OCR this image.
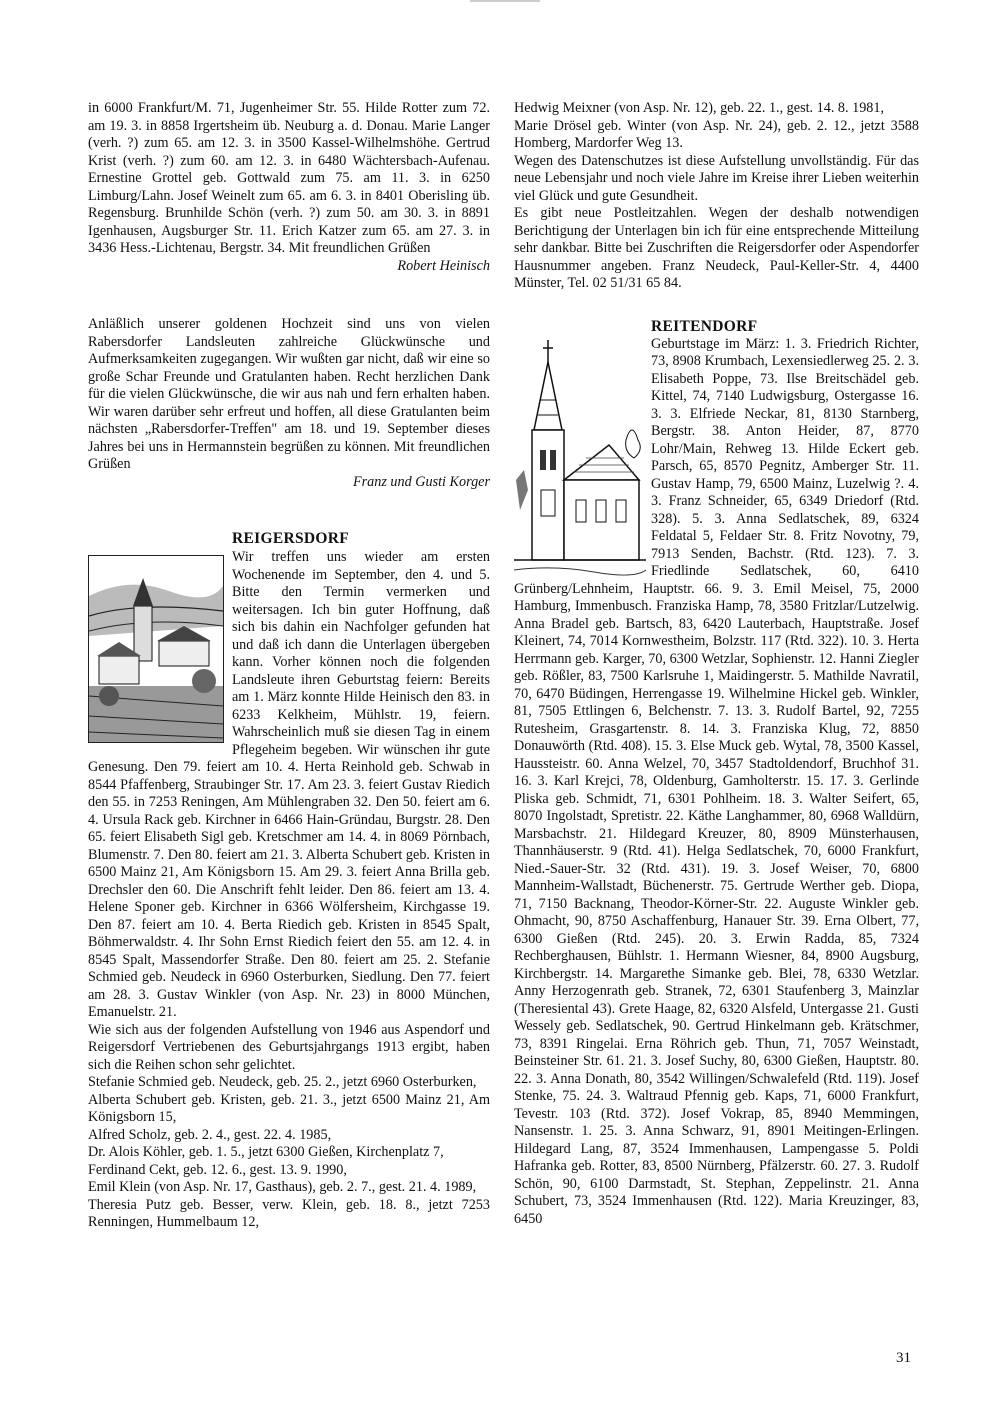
in 6000 Frankfurt/M. 71, Jugenheimer Str. 55. Hilde Rotter zum 72. am 19. 3. in 8858 Irgertsheim üb. Neuburg a. d. Donau. Marie Langer (verh. ?) zum 65. am 12. 3. in 3500 Kassel-Wilhelmshöhe. Gertrud Krist (verh. ?) zum 60. am 12. 3. in 6480 Wächtersbach-Aufenau. Ernestine Grottel geb. Gottwald zum 75. am 11. 3. in 6250 Limburg/Lahn. Josef Weinelt zum 65. am 6. 3. in 8401 Oberisling üb. Regensburg. Brunhilde Schön (verh. ?) zum 50. am 30. 3. in 8891 Igenhausen, Augsburger Str. 11. Erich Katzer zum 65. am 27. 3. in 3436 Hess.-Lichtenau, Bergstr. 34. Mit freundlichen Grüßen

Robert Heinisch

Anläßlich unserer goldenen Hochzeit sind uns von vielen Rabersdorfer Landsleuten zahlreiche Glückwünsche und Aufmerksamkeiten zugegangen. Wir wußten gar nicht, daß wir eine so große Schar Freunde und Gratulanten haben. Recht herzlichen Dank für die vielen Glückwünsche, die wir aus nah und fern erhalten haben. Wir waren darüber sehr erfreut und hoffen, all diese Gratulanten beim nächsten „Rabersdorfer-Treffen" am 18. und 19. September dieses Jahres bei uns in Hermannstein begrüßen zu können. Mit freundlichen Grüßen

Franz und Gusti Korger

REIGERSDORF

Wir treffen uns wieder am ersten Wochenende im September, den 4. und 5. Bitte den Termin vermerken und weitersagen. Ich bin guter Hoffnung, daß sich bis dahin ein Nachfolger gefunden hat und daß ich dann die Unterlagen übergeben kann. Vorher können noch die folgenden Landsleute ihren Geburtstag feiern: Bereits am 1. März konnte Hilde Heinisch den 83. in 6233 Kelkheim, Mühlstr. 19, feiern. Wahrscheinlich muß sie diesen Tag in einem Pflegeheim begeben. Wir wünschen ihr gute Genesung. Den 79. feiert am 10. 4. Herta Reinhold geb. Schwab in 8544 Pfaffenberg, Straubinger Str. 17. Am 23. 3. feiert Gustav Riedich den 55. in 7253 Reningen, Am Mühlengraben 32. Den 50. feiert am 6. 4. Ursula Rack geb. Kirchner in 6466 Hain-Gründau, Burgstr. 28. Den 65. feiert Elisabeth Sigl geb. Kretschmer am 14. 4. in 8069 Pörnbach, Blumenstr. 7. Den 80. feiert am 21. 3. Alberta Schubert geb. Kristen in 6500 Mainz 21, Am Königsborn 15. Am 29. 3. feiert Anna Brilla geb. Drechsler den 60. Die Anschrift fehlt leider. Den 86. feiert am 13. 4. Helene Sponer geb. Kirchner in 6366 Wölfersheim, Kirchgasse 19. Den 87. feiert am 10. 4. Berta Riedich geb. Kristen in 8545 Spalt, Böhmerwaldstr. 4. Ihr Sohn Ernst Riedich feiert den 55. am 12. 4. in 8545 Spalt, Massendorfer Straße. Den 80. feiert am 25. 2. Stefanie Schmied geb. Neudeck in 6960 Osterburken, Siedlung. Den 77. feiert am 28. 3. Gustav Winkler (von Asp. Nr. 23) in 8000 München, Emanuelstr. 21.

Wie sich aus der folgenden Aufstellung von 1946 aus Aspendorf und Reigersdorf Vertriebenen des Geburtsjahrgangs 1913 ergibt, haben sich die Reihen schon sehr gelichtet.

Stefanie Schmied geb. Neudeck, geb. 25. 2., jetzt 6960 Osterburken,

Alberta Schubert geb. Kristen, geb. 21. 3., jetzt 6500 Mainz 21, Am Königsborn 15,

Alfred Scholz, geb. 2. 4., gest. 22. 4. 1985,

Dr. Alois Köhler, geb. 1. 5., jetzt 6300 Gießen, Kirchenplatz 7,

Ferdinand Cekt, geb. 12. 6., gest. 13. 9. 1990,

Emil Klein (von Asp. Nr. 17, Gasthaus), geb. 2. 7., gest. 21. 4. 1989,

Theresia Putz geb. Besser, verw. Klein, geb. 18. 8., jetzt 7253 Renningen, Hummelbaum 12,

Hedwig Meixner (von Asp. Nr. 12), geb. 22. 1., gest. 14. 8. 1981,

Marie Drösel geb. Winter (von Asp. Nr. 24), geb. 2. 12., jetzt 3588 Homberg, Mardorfer Weg 13.

Wegen des Datenschutzes ist diese Aufstellung unvollständig. Für das neue Lebensjahr und noch viele Jahre im Kreise ihrer Lieben weiterhin viel Glück und gute Gesundheit.

Es gibt neue Postleitzahlen. Wegen der deshalb notwendigen Berichtigung der Unterlagen bin ich für eine entsprechende Mitteilung sehr dankbar. Bitte bei Zuschriften die Reigersdorfer oder Aspendorfer Hausnummer angeben. Franz Neudeck, Paul-Keller-Str. 4, 4400 Münster, Tel. 02 51/31 65 84.

REITENDORF

Geburtstage im März: 1. 3. Friedrich Richter, 73, 8908 Krumbach, Lexensiedlerweg 25. 2. 3. Elisabeth Poppe, 73. Ilse Breitschädel geb. Kittel, 74, 7140 Ludwigsburg, Ostergasse 16. 3. 3. Elfriede Neckar, 81, 8130 Starnberg, Bergstr. 38. Anton Heider, 87, 8770 Lohr/Main, Rehweg 13. Hilde Eckert geb. Parsch, 65, 8570 Pegnitz, Amberger Str. 11. Gustav Hamp, 79, 6500 Mainz, Luzelwig ?. 4. 3. Franz Schneider, 65, 6349 Driedorf (Rtd. 328). 5. 3. Anna Sedlatschek, 89, 6324 Feldatal 5, Feldaer Str. 8. Fritz Novotny, 79, 7913 Senden, Bachstr. (Rtd. 123). 7. 3. Friedlinde Sedlatschek, 60, 6410 Grünberg/Lehnheim, Hauptstr. 66. 9. 3. Emil Meisel, 75, 2000 Hamburg, Immenbusch. Franziska Hamp, 78, 3580 Fritzlar/Lutzelwig. Anna Bradel geb. Bartsch, 83, 6420 Lauterbach, Hauptstraße. Josef Kleinert, 74, 7014 Kornwestheim, Bolzstr. 117 (Rtd. 322). 10. 3. Herta Herrmann geb. Karger, 70, 6300 Wetzlar, Sophienstr. 12. Hanni Ziegler geb. Rößler, 83, 7500 Karlsruhe 1, Maidingerstr. 5. Mathilde Navratil, 70, 6470 Büdingen, Herrengasse 19. Wilhelmine Hickel geb. Winkler, 81, 7505 Ettlingen 6, Belchenstr. 7. 13. 3. Rudolf Bartel, 92, 7255 Rutesheim, Grasgartenstr. 8. 14. 3. Franziska Klug, 72, 8850 Donauwörth (Rtd. 408). 15. 3. Else Muck geb. Wytal, 78, 3500 Kassel, Haussteistr. 60. Anna Welzel, 70, 3457 Stadtoldendorf, Bruchhof 31. 16. 3. Karl Krejci, 78, Oldenburg, Gamholterstr. 15. 17. 3. Gerlinde Pliska geb. Schmidt, 71, 6301 Pohlheim. 18. 3. Walter Seifert, 65, 8070 Ingolstadt, Spretistr. 22. Käthe Langhammer, 80, 6968 Walldürn, Marsbachstr. 21. Hildegard Kreuzer, 80, 8909 Münsterhausen, Thannhäuserstr. 9 (Rtd. 41). Helga Sedlatschek, 70, 6000 Frankfurt, Nied.-Sauer-Str. 32 (Rtd. 431). 19. 3. Josef Weiser, 70, 6800 Mannheim-Wallstadt, Büchenerstr. 75. Gertrude Werther geb. Diopa, 71, 7150 Backnang, Theodor-Körner-Str. 22. Auguste Winkler geb. Ohmacht, 90, 8750 Aschaffenburg, Hanauer Str. 39. Erna Olbert, 77, 6300 Gießen (Rtd. 245). 20. 3. Erwin Radda, 85, 7324 Rechberghausen, Bühlstr. 1. Hermann Wiesner, 84, 8900 Augsburg, Kirchbergstr. 14. Margarethe Simanke geb. Blei, 78, 6330 Wetzlar. Anny Herzogenrath geb. Stranek, 72, 6301 Staufenberg 3, Mainzlar (Theresiental 43). Grete Haage, 82, 6320 Alsfeld, Untergasse 21. Gusti Wessely geb. Sedlatschek, 90. Gertrud Hinkelmann geb. Krätschmer, 73, 8391 Ringelai. Erna Röhrich geb. Thun, 71, 7057 Weinstadt, Beinsteiner Str. 61. 21. 3. Josef Suchy, 80, 6300 Gießen, Hauptstr. 80. 22. 3. Anna Donath, 80, 3542 Willingen/Schwalefeld (Rtd. 119). Josef Stenke, 75. 24. 3. Waltraud Pfennig geb. Kaps, 71, 6000 Frankfurt, Tevestr. 103 (Rtd. 372). Josef Vokrap, 85, 8940 Memmingen, Nansenstr. 1. 25. 3. Anna Schwarz, 91, 8901 Meitingen-Erlingen. Hildegard Lang, 87, 3524 Immenhausen, Lampengasse 5. Poldi Hafranka geb. Rotter, 83, 8500 Nürnberg, Pfälzerstr. 60. 27. 3. Rudolf Schön, 90, 6100 Darmstadt, St. Stephan, Zeppelinstr. 21. Anna Schubert, 73, 3524 Immenhausen (Rtd. 122). Maria Kreuzinger, 83, 6450

31
